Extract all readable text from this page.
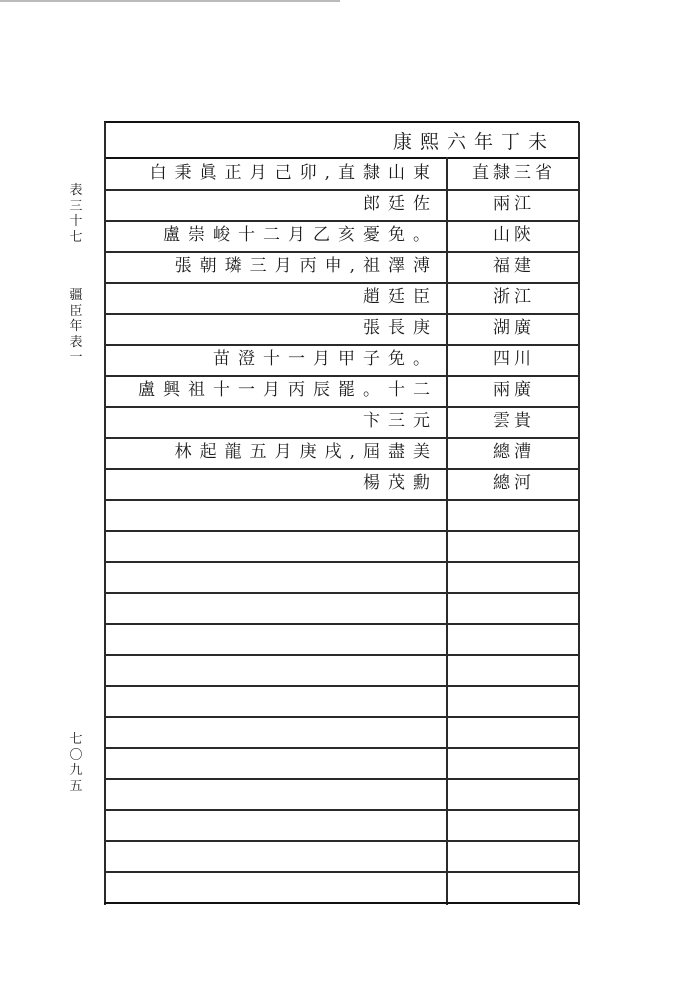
表三十七
疆臣年表一
七〇九五
康熙六年丁未
白秉眞正月己卯,直隸山東	直隸三省
郎廷佐	兩江
盧崇峻十二月乙亥憂免。	山陝
張朝璘三月丙申,祖澤溥	福建
趙廷臣	浙江
張長庚	湖廣
苗澄十一月甲子免。	四川
盧興祖十一月丙辰罷。十二	兩廣
卞三元	雲貴
林起龍五月庚戌,屆盡美	總漕
楊茂勳	總河
